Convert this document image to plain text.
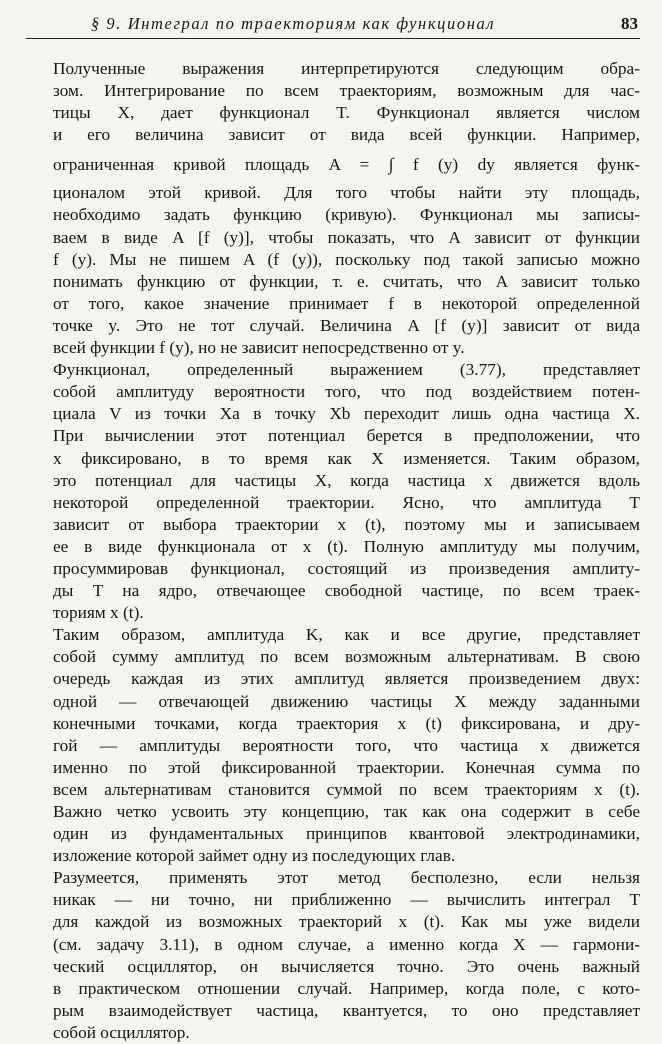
§ 9. Интеграл по траекториям как функционал	83

Полученные выражения интерпретируются следующим обра-
зом. Интегрирование по всем траекториям, возможным для час-
тицы X, дает функционал T. Функционал является числом
и его величина зависит от вида всей функции. Например,
ограниченная кривой площадь A = ∫ f (y) dy является функ-
ционалом этой кривой. Для того чтобы найти эту площадь,
необходимо задать функцию (кривую). Функционал мы записы-
ваем в виде A [f (y)], чтобы показать, что A зависит от функции
f (y). Мы не пишем A (f (y)), поскольку под такой записью можно
понимать функцию от функции, т. е. считать, что A зависит только
от того, какое значение принимает f в некоторой определенной
точке y. Это не тот случай. Величина A [f (y)] зависит от вида
всей функции f (y), но не зависит непосредственно от y.

Функционал, определенный выражением (3.77), представляет
собой амплитуду вероятности того, что под воздействием потен-
циала V из точки Xa в точку Xb переходит лишь одна частица X.
При вычислении этот потенциал берется в предположении, что
x фиксировано, в то время как X изменяется. Таким образом,
это потенциал для частицы X, когда частица x движется вдоль
некоторой определенной траектории. Ясно, что амплитуда T
зависит от выбора траектории x (t), поэтому мы и записываем
ее в виде функционала от x (t). Полную амплитуду мы получим,
просуммировав функционал, состоящий из произведения амплиту-
ды T на ядро, отвечающее свободной частице, по всем траек-
ториям x (t).

Таким образом, амплитуда K, как и все другие, представляет
собой сумму амплитуд по всем возможным альтернативам. В свою
очередь каждая из этих амплитуд является произведением двух:
одной — отвечающей движению частицы X между заданными
конечными точками, когда траектория x (t) фиксирована, и дру-
гой — амплитуды вероятности того, что частица x движется
именно по этой фиксированной траектории. Конечная сумма по
всем альтернативам становится суммой по всем траекториям x (t).
Важно четко усвоить эту концепцию, так как она содержит в себе
один из фундаментальных принципов квантовой электродинамики,
изложение которой займет одну из последующих глав.

Разумеется, применять этот метод бесполезно, если нельзя
никак — ни точно, ни приближенно — вычислить интеграл T
для каждой из возможных траекторий x (t). Как мы уже видели
(см. задачу 3.11), в одном случае, а именно когда X — гармони-
ческий осциллятор, он вычисляется точно. Это очень важный
в практическом отношении случай. Например, когда поле, с кото-
рым взаимодействует частица, квантуется, то оно представляет
собой осциллятор.
